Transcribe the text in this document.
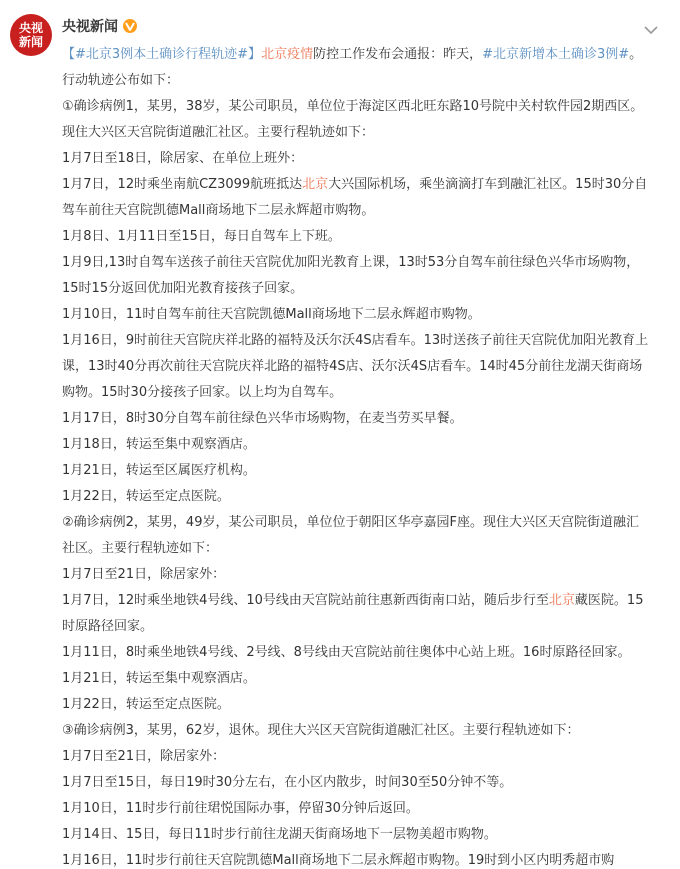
央视
新闻
央视新闻

【#北京3例本土确诊行程轨迹#】北京疫情防控工作发布会通报：昨天，#北京新增本土确诊3例#。行动轨迹公布如下：

①确诊病例1，某男，38岁，某公司职员，单位位于海淀区西北旺东路10号院中关村软件园2期西区。现住大兴区天宫院街道融汇社区。主要行程轨迹如下：

1月7日至18日，除居家、在单位上班外：

1月7日，12时乘坐南航CZ3099航班抵达北京大兴国际机场，乘坐滴滴打车到融汇社区。15时30分自驾车前往天宫院凯德Mall商场地下二层永辉超市购物。

1月8日、1月11日至15日，每日自驾车上下班。

1月9日,13时自驾车送孩子前往天宫院优加阳光教育上课，13时53分自驾车前往绿色兴华市场购物，15时15分返回优加阳光教育接孩子回家。

1月10日，11时自驾车前往天宫院凯德Mall商场地下二层永辉超市购物。

1月16日，9时前往天宫院庆祥北路的福特及沃尔沃4S店看车。13时送孩子前往天宫院优加阳光教育上课，13时40分再次前往天宫院庆祥北路的福特4S店、沃尔沃4S店看车。14时45分前往龙湖天街商场购物。15时30分接孩子回家。以上均为自驾车。

1月17日，8时30分自驾车前往绿色兴华市场购物，在麦当劳买早餐。

1月18日，转运至集中观察酒店。

1月21日，转运至区属医疗机构。

1月22日，转运至定点医院。

②确诊病例2，某男，49岁，某公司职员，单位位于朝阳区华亭嘉园F座。现住大兴区天宫院街道融汇社区。主要行程轨迹如下：

1月7日至21日，除居家外：

1月7日，12时乘坐地铁4号线、10号线由天宫院站前往惠新西街南口站，随后步行至北京藏医院。15时原路径回家。

1月11日，8时乘坐地铁4号线、2号线、8号线由天宫院站前往奥体中心站上班。16时原路径回家。

1月21日，转运至集中观察酒店。

1月22日，转运至定点医院。

③确诊病例3，某男，62岁，退休。现住大兴区天宫院街道融汇社区。主要行程轨迹如下：

1月7日至21日，除居家外：

1月7日至15日，每日19时30分左右，在小区内散步，时间30至50分钟不等。

1月10日，11时步行前往珺悦国际办事，停留30分钟后返回。

1月14日、15日，每日11时步行前往龙湖天街商场地下一层物美超市购物。

1月16日，11时步行前往天宫院凯德Mall商场地下二层永辉超市购物。19时到小区内明秀超市购
